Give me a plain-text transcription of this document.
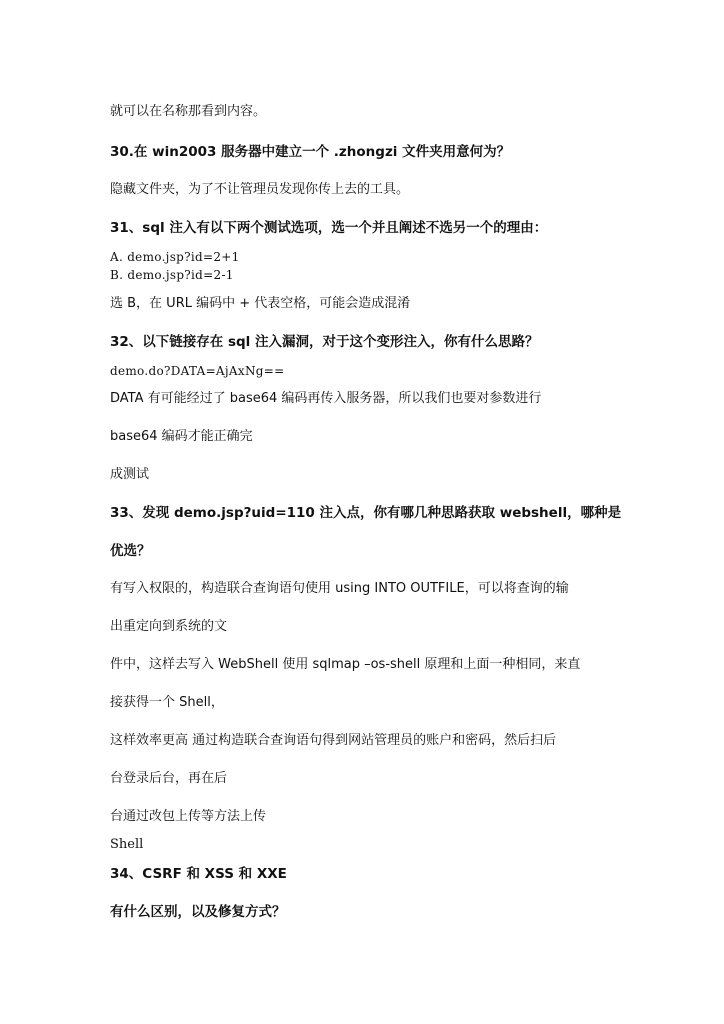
就可以在名称那看到内容。
30.在 win2003 服务器中建立一个 .zhongzi 文件夹用意何为？
隐藏文件夹，为了不让管理员发现你传上去的工具。
31、sql 注入有以下两个测试选项，选一个并且阐述不选另一个的理由：
A. demo.jsp?id=2+1
B. demo.jsp?id=2-1
选 B，在 URL 编码中 + 代表空格，可能会造成混淆
32、以下链接存在 sql 注入漏洞，对于这个变形注入，你有什么思路？
demo.do?DATA=AjAxNg==
DATA 有可能经过了 base64 编码再传入服务器，所以我们也要对参数进行
base64 编码才能正确完
成测试
33、发现 demo.jsp?uid=110 注入点，你有哪几种思路获取 webshell，哪种是
优选？
有写入权限的，构造联合查询语句使用 using INTO OUTFILE，可以将查询的输
出重定向到系统的文
件中，这样去写入 WebShell 使用 sqlmap –os-shell 原理和上面一种相同，来直
接获得一个 Shell，
这样效率更高 通过构造联合查询语句得到网站管理员的账户和密码，然后扫后
台登录后台，再在后
台通过改包上传等方法上传
Shell
34、CSRF 和 XSS 和 XXE
有什么区别，以及修复方式？
